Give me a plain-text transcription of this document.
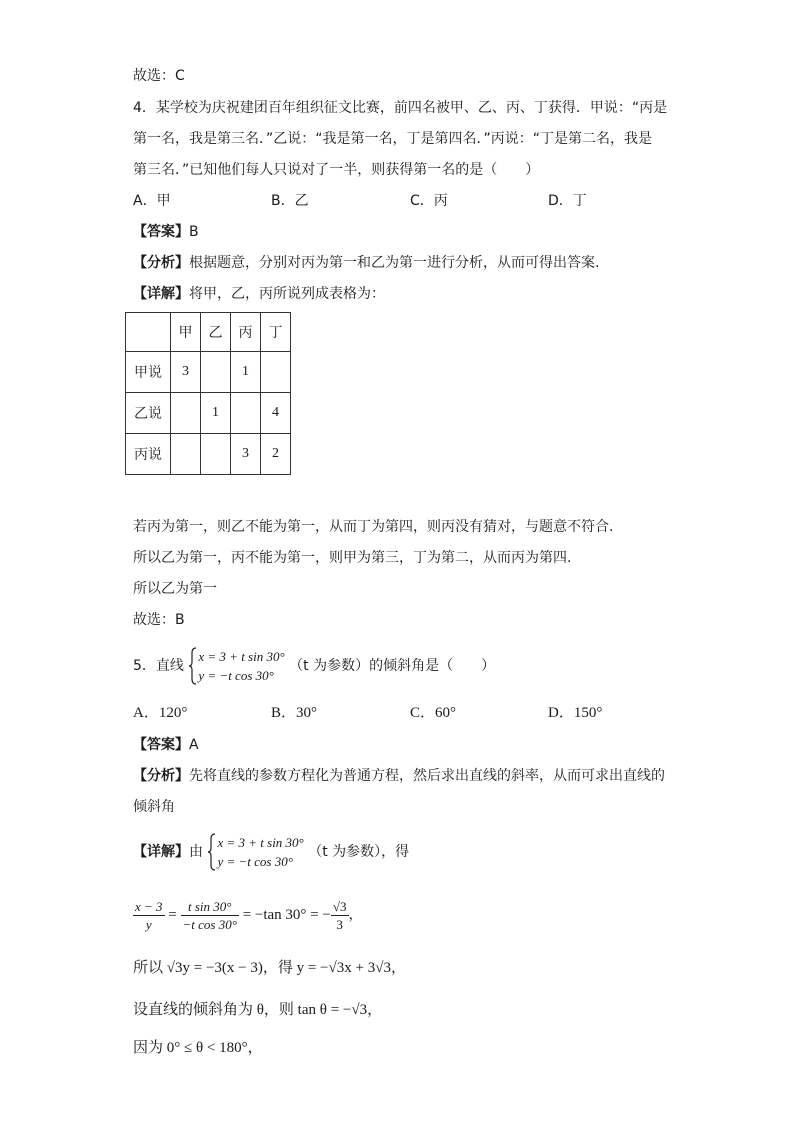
故选：C
4．某学校为庆祝建团百年组织征文比赛，前四名被甲、乙、丙、丁获得．甲说：“丙是
第一名，我是第三名．”乙说：“我是第一名，丁是第四名．”丙说：“丁是第二名，我是
第三名．”已知他们每人只说对了一半，则获得第一名的是（　　）
A．甲	B．乙	C．丙	D．丁
【答案】B
【分析】根据题意，分别对丙为第一和乙为第一进行分析，从而可得出答案.
【详解】将甲，乙，丙所说列成表格为：
	甲	乙	丙	丁
甲说	3		1	
乙说		1		4
丙说			3	2
若丙为第一，则乙不能为第一，从而丁为第四，则丙没有猜对，与题意不符合.
所以乙为第一，丙不能为第一，则甲为第三，丁为第二，从而丙为第四.
所以乙为第一
故选：B
5．直线
x = 3 + t sin 30°
y = −t cos 30°
（t 为参数）的倾斜角是（　　）
A．120°	B．30°	C．60°	D．150°
【答案】A
【分析】先将直线的参数方程化为普通方程，然后求出直线的斜率，从而可求出直线的
倾斜角
【详解】由
x = 3 + t sin 30°
y = −t cos 30°
（t 为参数），得
$\frac{x - 3}{y} = \frac{\text{t sin 30°}}{\text{−t cos 30°}} = -\tan$ 30° = − $\frac{√3}{3}$ ，
所以 √3y = −3(x − 3)，得 y = −√3x + 3√3，
设直线的倾斜角为 θ，则 tan θ = −√3，
因为 0° ≤ θ < 180°，
